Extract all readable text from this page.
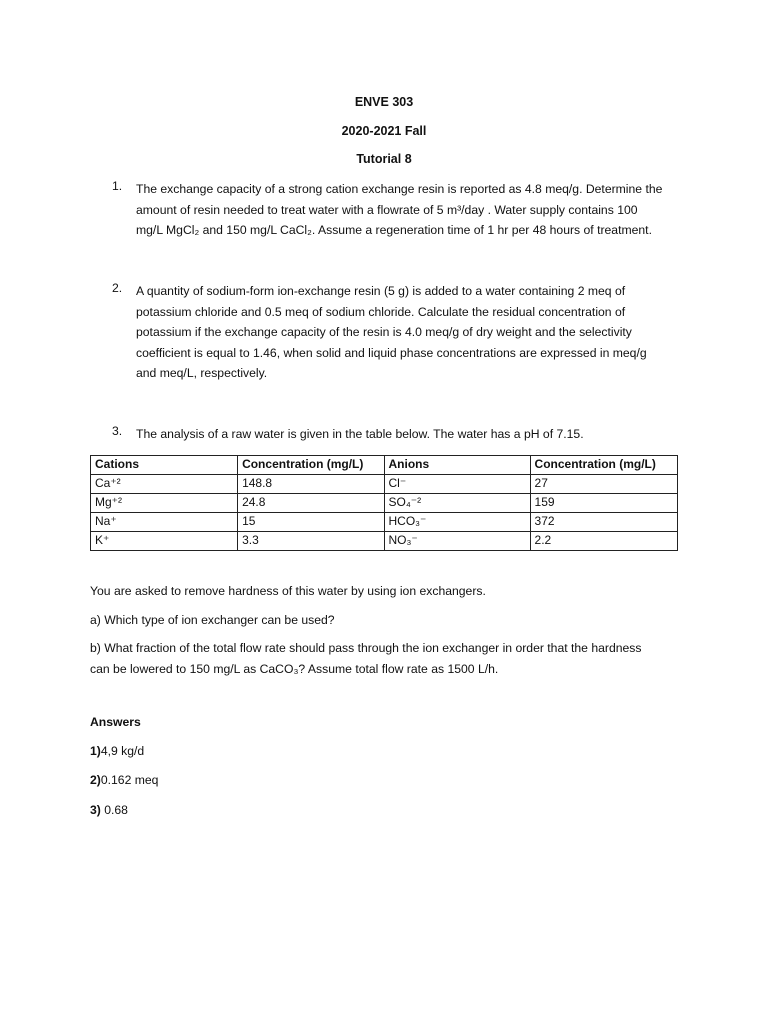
ENVE 303
2020-2021 Fall
Tutorial 8
1. The exchange capacity of a strong cation exchange resin is reported as 4.8 meq/g. Determine the
amount of resin needed to treat water with a flowrate of 5 m³/day . Water supply contains 100
mg/L MgCl₂ and 150 mg/L CaCl₂. Assume a regeneration time of 1 hr per 48 hours of treatment.
2. A quantity of sodium-form ion-exchange resin (5 g) is added to a water containing 2 meq of
potassium chloride and 0.5 meq of sodium chloride. Calculate the residual concentration of
potassium if the exchange capacity of the resin is 4.0 meq/g of dry weight and the selectivity
coefficient is equal to 1.46, when solid and liquid phase concentrations are expressed in meq/g
and meq/L, respectively.
3. The analysis of a raw water is given in the table below. The water has a pH of 7.15.
Cations	Concentration (mg/L)	Anions	Concentration (mg/L)
Ca⁺²	148.8	Cl⁻	27
Mg⁺²	24.8	SO₄⁻²	159
Na⁺	15	HCO₃⁻	372
K⁺	3.3	NO₃⁻	2.2
You are asked to remove hardness of this water by using ion exchangers.
a) Which type of ion exchanger can be used?
b) What fraction of the total flow rate should pass through the ion exchanger in order that the hardness
can be lowered to 150 mg/L as CaCO₃? Assume total flow rate as 1500 L/h.
Answers
1)4,9 kg/d
2)0.162 meq
3) 0.68
